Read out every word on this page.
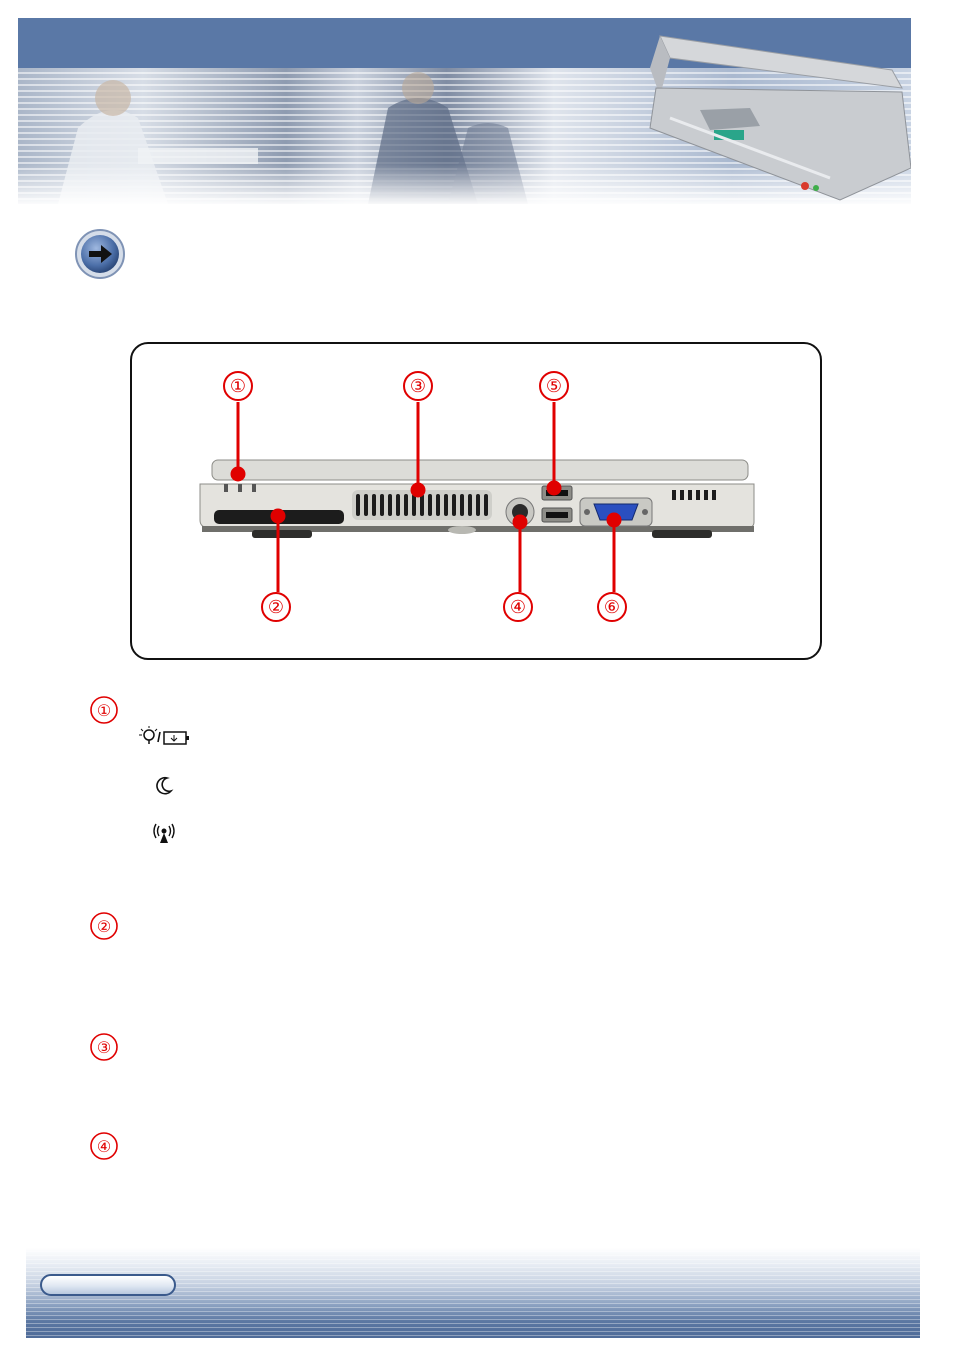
①	③	⑤
②	④	⑥
①
②
③
④
